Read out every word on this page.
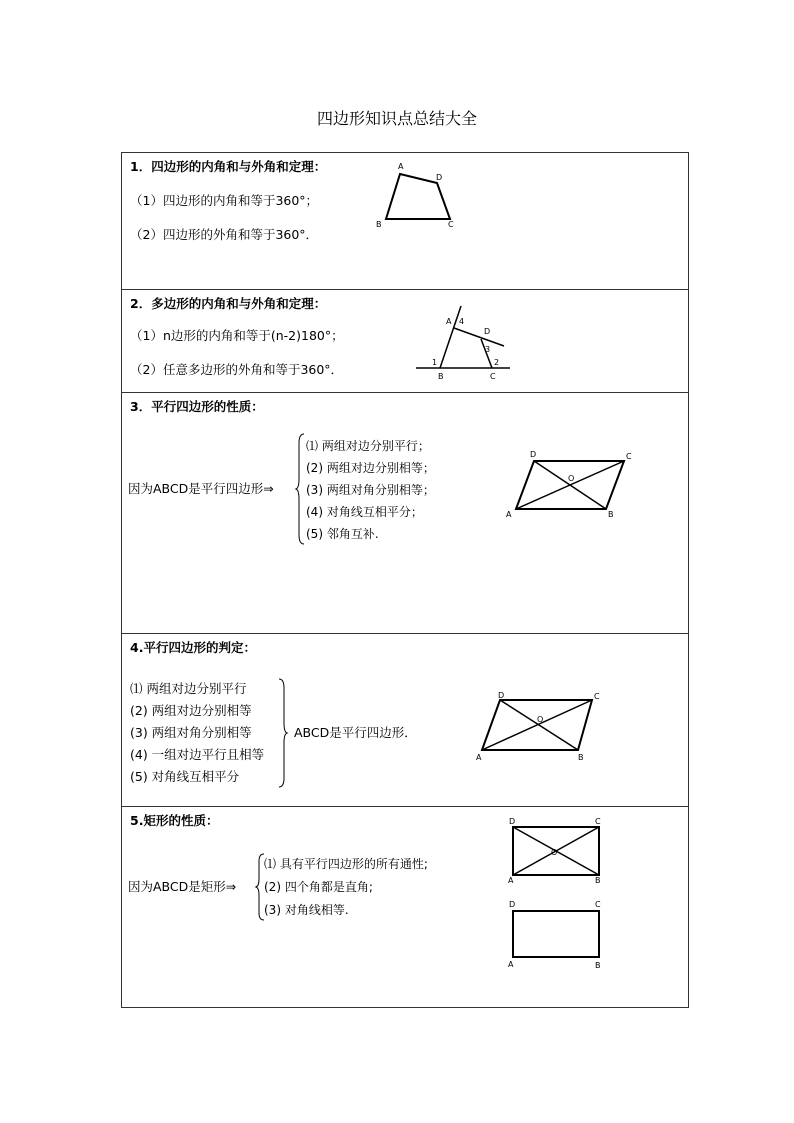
四边形知识点总结大全
1．四边形的内角和与外角和定理：
（1）四边形的内角和等于360°；
（2）四边形的外角和等于360°．
A
D
B	C

2．多边形的内角和与外角和定理：
（1）n边形的内角和等于(n-2)180°；
（2）任意多边形的外角和等于360°．
A 4
D
3
1	2
B	C

3．平行四边形的性质：
因为ABCD是平行四边形⇒
⑴ 两组对边分别平行；
(2) 两组对边分别相等；
(3) 两组对角分别相等；
(4) 对角线互相平分；
(5) 邻角互补.
D	C
O
A	B

4.平行四边形的判定：
⑴ 两组对边分别平行
(2) 两组对边分别相等
(3) 两组对角分别相等
(4) 一组对边平行且相等
(5) 对角线互相平分
ABCD是平行四边形．
D	C
O
A	B

5.矩形的性质：
因为ABCD是矩形⇒
⑴ 具有平行四边形的所有通性;
(2) 四个角都是直角;
(3) 对角线相等.
D	C
O
A	B
D	C
A	B
